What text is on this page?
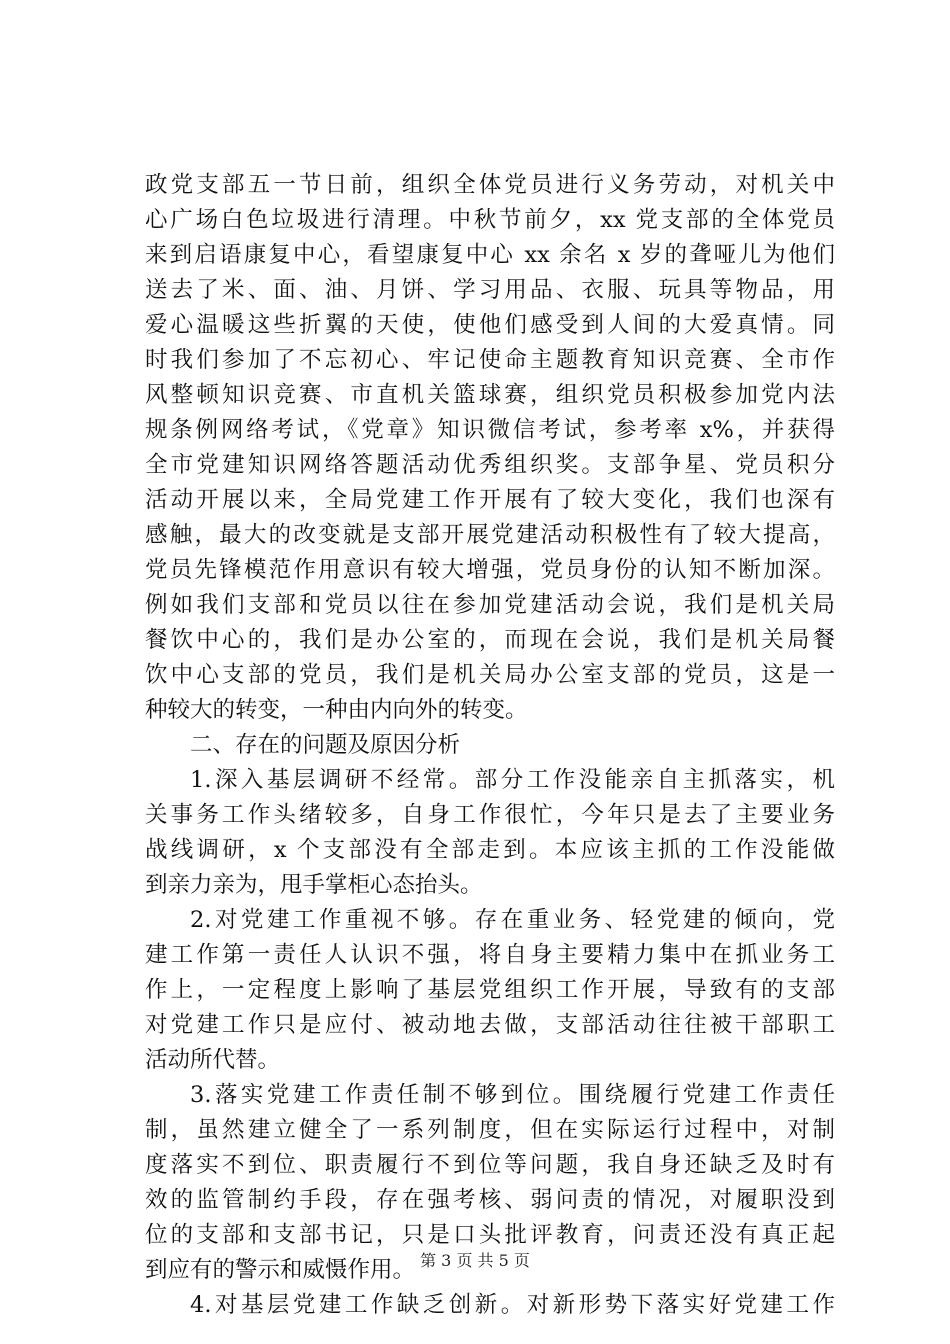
政党支部五一节日前，组织全体党员进行义务劳动，对机关中
心广场白色垃圾进行清理。中秋节前夕，xx 党支部的全体党员
来到启语康复中心，看望康复中心 xx 余名 x 岁的聋哑儿为他们
送去了米、面、油、月饼、学习用品、衣服、玩具等物品，用
爱心温暖这些折翼的天使，使他们感受到人间的大爱真情。同
时我们参加了不忘初心、牢记使命主题教育知识竞赛、全市作
风整顿知识竞赛、市直机关篮球赛，组织党员积极参加党内法
规条例网络考试，《党章》知识微信考试，参考率 x%，并获得
全市党建知识网络答题活动优秀组织奖。支部争星、党员积分
活动开展以来，全局党建工作开展有了较大变化，我们也深有
感触，最大的改变就是支部开展党建活动积极性有了较大提高，
党员先锋模范作用意识有较大增强，党员身份的认知不断加深。
例如我们支部和党员以往在参加党建活动会说，我们是机关局
餐饮中心的，我们是办公室的，而现在会说，我们是机关局餐
饮中心支部的党员，我们是机关局办公室支部的党员，这是一
种较大的转变，一种由内向外的转变。
二、存在的问题及原因分析
1.深入基层调研不经常。部分工作没能亲自主抓落实，机
关事务工作头绪较多，自身工作很忙，今年只是去了主要业务
战线调研，x 个支部没有全部走到。本应该主抓的工作没能做
到亲力亲为，甩手掌柜心态抬头。
2.对党建工作重视不够。存在重业务、轻党建的倾向，党
建工作第一责任人认识不强，将自身主要精力集中在抓业务工
作上，一定程度上影响了基层党组织工作开展，导致有的支部
对党建工作只是应付、被动地去做，支部活动往往被干部职工
活动所代替。
3.落实党建工作责任制不够到位。围绕履行党建工作责任
制，虽然建立健全了一系列制度，但在实际运行过程中，对制
度落实不到位、职责履行不到位等问题，我自身还缺乏及时有
效的监管制约手段，存在强考核、弱问责的情况，对履职没到
位的支部和支部书记，只是口头批评教育，问责还没有真正起
到应有的警示和威慑作用。
4.对基层党建工作缺乏创新。对新形势下落实好党建工作
第 3 页 共 5 页
